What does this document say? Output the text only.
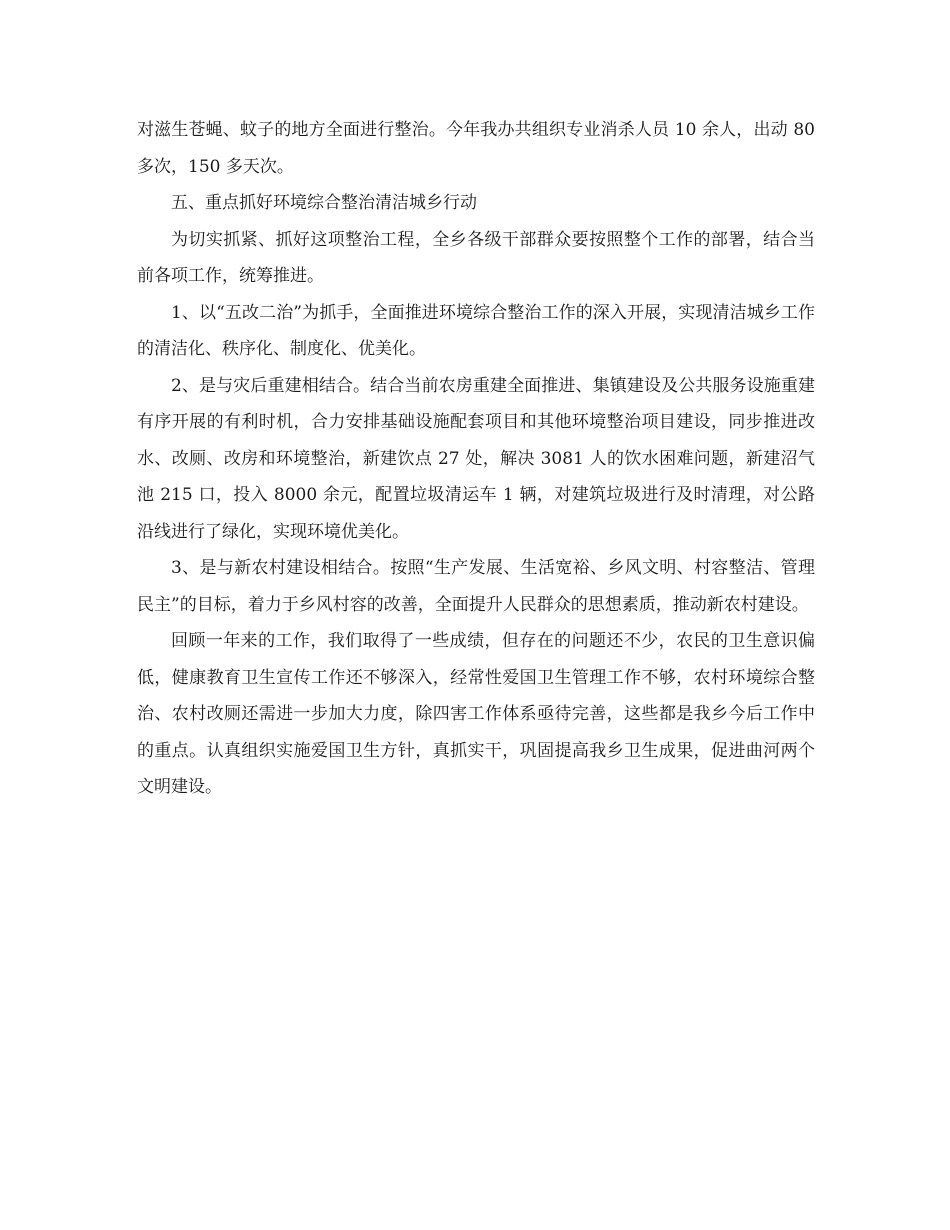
对滋生苍蝇、蚊子的地方全面进行整治。今年我办共组织专业消杀人员 10 余人，出动 80 多次，150 多天次。

五、重点抓好环境综合整治清洁城乡行动

为切实抓紧、抓好这项整治工程，全乡各级干部群众要按照整个工作的部署，结合当前各项工作，统筹推进。

1、以“五改二治”为抓手，全面推进环境综合整治工作的深入开展，实现清洁城乡工作的清洁化、秩序化、制度化、优美化。

2、是与灾后重建相结合。结合当前农房重建全面推进、集镇建设及公共服务设施重建有序开展的有利时机，合力安排基础设施配套项目和其他环境整治项目建设，同步推进改水、改厕、改房和环境整治，新建饮点 27 处，解决 3081 人的饮水困难问题，新建沼气池 215 口，投入 8000 余元，配置垃圾清运车 1 辆，对建筑垃圾进行及时清理，对公路沿线进行了绿化，实现环境优美化。

3、是与新农村建设相结合。按照“生产发展、生活宽裕、乡风文明、村容整洁、管理民主”的目标，着力于乡风村容的改善，全面提升人民群众的思想素质，推动新农村建设。

回顾一年来的工作，我们取得了一些成绩，但存在的问题还不少，农民的卫生意识偏低，健康教育卫生宣传工作还不够深入，经常性爱国卫生管理工作不够，农村环境综合整治、农村改厕还需进一步加大力度，除四害工作体系亟待完善，这些都是我乡今后工作中的重点。认真组织实施爱国卫生方针，真抓实干，巩固提高我乡卫生成果，促进曲河两个文明建设。
